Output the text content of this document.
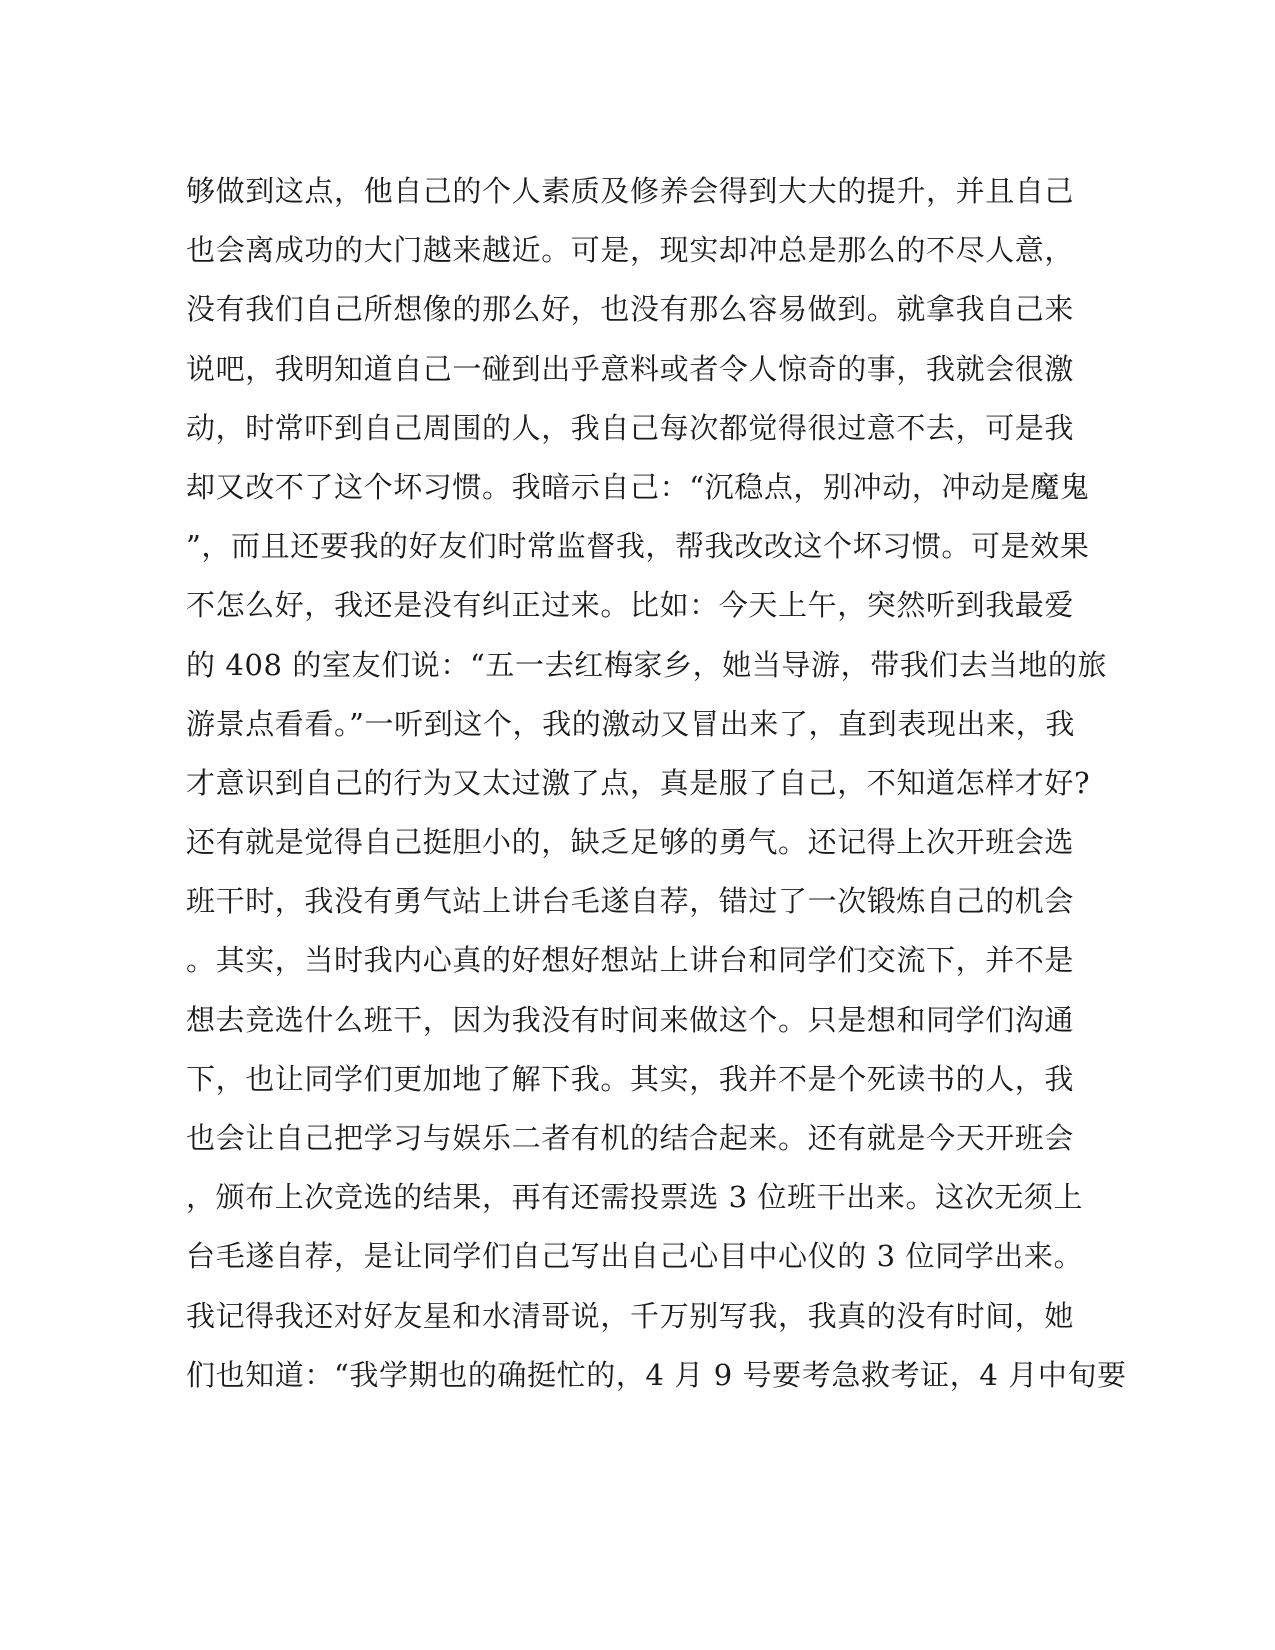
够做到这点，他自己的个人素质及修养会得到大大的提升，并且自己
也会离成功的大门越来越近。可是，现实却冲总是那么的不尽人意，
没有我们自己所想像的那么好，也没有那么容易做到。就拿我自己来
说吧，我明知道自己一碰到出乎意料或者令人惊奇的事，我就会很激
动，时常吓到自己周围的人，我自己每次都觉得很过意不去，可是我
却又改不了这个坏习惯。我暗示自己：“沉稳点，别冲动，冲动是魔鬼
”，而且还要我的好友们时常监督我，帮我改改这个坏习惯。可是效果
不怎么好，我还是没有纠正过来。比如：今天上午，突然听到我最爱
的 408 的室友们说：“五一去红梅家乡，她当导游，带我们去当地的旅
游景点看看。”一听到这个，我的激动又冒出来了，直到表现出来，我
才意识到自己的行为又太过激了点，真是服了自己，不知道怎样才好?
还有就是觉得自己挺胆小的，缺乏足够的勇气。还记得上次开班会选
班干时，我没有勇气站上讲台毛遂自荐，错过了一次锻炼自己的机会
。其实，当时我内心真的好想好想站上讲台和同学们交流下，并不是
想去竞选什么班干，因为我没有时间来做这个。只是想和同学们沟通
下，也让同学们更加地了解下我。其实，我并不是个死读书的人，我
也会让自己把学习与娱乐二者有机的结合起来。还有就是今天开班会
，颁布上次竞选的结果，再有还需投票选 3 位班干出来。这次无须上
台毛遂自荐，是让同学们自己写出自己心目中心仪的 3 位同学出来。
我记得我还对好友星和水清哥说，千万别写我，我真的没有时间，她
们也知道：“我学期也的确挺忙的，4 月 9 号要考急救考证，4 月中旬要
